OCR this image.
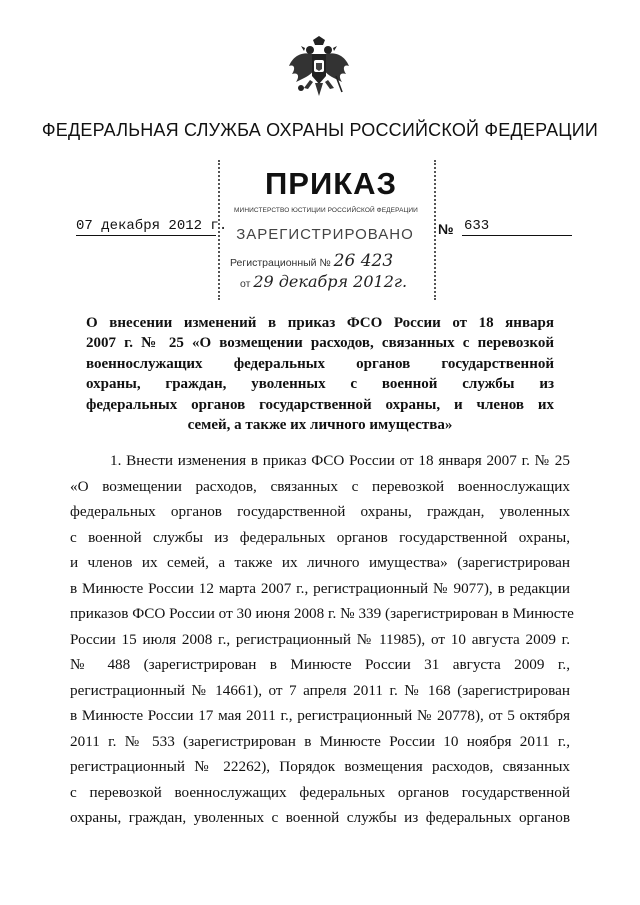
ФЕДЕРАЛЬНАЯ СЛУЖБА ОХРАНЫ РОССИЙСКОЙ ФЕДЕРАЦИИ
ПРИКАЗ
МИНИСТЕРСТВО ЮСТИЦИИ РОССИЙСКОЙ ФЕДЕРАЦИИ
ЗАРЕГИСТРИРОВАНО
Регистрационный № 26 423
от 29 декабря 2012г.
07 декабря 2012 г.	№ 633
О внесении изменений в приказ ФСО России от 18 января
2007 г. № 25 «О возмещении расходов, связанных с перевозкой
военнослужащих федеральных органов государственной
охраны, граждан, уволенных с военной службы из
федеральных органов государственной охраны, и членов их
семей, а также их личного имущества»
1. Внести изменения в приказ ФСО России от 18 января 2007 г. № 25
«О возмещении расходов, связанных с перевозкой военнослужащих
федеральных органов государственной охраны, граждан, уволенных
с военной службы из федеральных органов государственной охраны,
и членов их семей, а также их личного имущества» (зарегистрирован
в Минюсте России 12 марта 2007 г., регистрационный № 9077), в редакции
приказов ФСО России от 30 июня 2008 г. № 339 (зарегистрирован в Минюсте
России 15 июля 2008 г., регистрационный № 11985), от 10 августа 2009 г.
№ 488 (зарегистрирован в Минюсте России 31 августа 2009 г.,
регистрационный № 14661), от 7 апреля 2011 г. № 168 (зарегистрирован
в Минюсте России 17 мая 2011 г., регистрационный № 20778), от 5 октября
2011 г. № 533 (зарегистрирован в Минюсте России 10 ноября 2011 г.,
регистрационный № 22262), Порядок возмещения расходов, связанных
с перевозкой военнослужащих федеральных органов государственной
охраны, граждан, уволенных с военной службы из федеральных органов
